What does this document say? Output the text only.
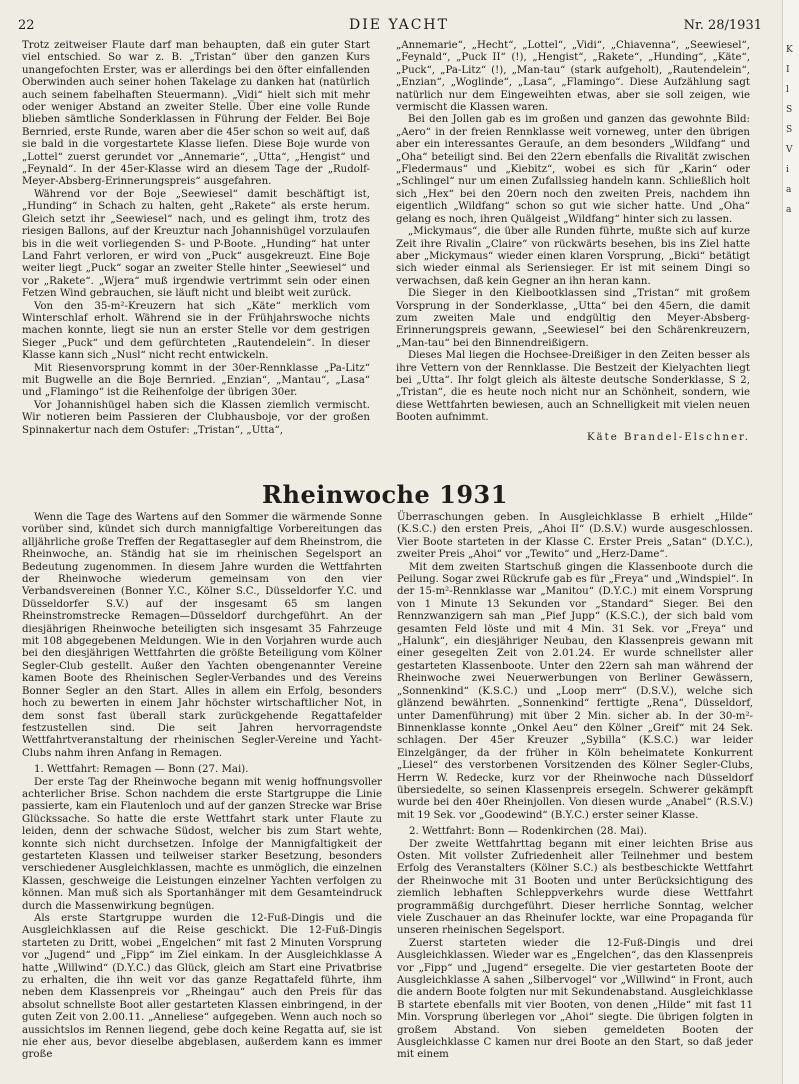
22	DIE YACHT	Nr. 28/1931

Trotz zeitweiser Flaute darf man behaupten, daß ein guter Start viel entschied. So war z. B. „Tristan“ über den ganzen Kurs unangefochten Erster, was er allerdings bei den öfter einfallenden Oberwinden auch seiner hohen Takelage zu danken hat (natürlich auch seinem fabelhaften Steuermann). „Vidi“ hielt sich mit mehr oder weniger Abstand an zweiter Stelle. Über eine volle Runde blieben sämtliche Sonderklassen in Führung der Felder. Bei Boje Bernried, erste Runde, waren aber die 45er schon so weit auf, daß sie bald in die vorgestartete Klasse liefen. Diese Boje wurde von „Lottel“ zuerst gerundet vor „Annemarie“, „Utta“, „Hengist“ und „Feynald“. In der 45er-Klasse wird an diesem Tage der „Rudolf-Meyer-Absberg-Erinnerungspreis“ ausgefahren.

Während vor der Boje „Seewiesel“ damit beschäftigt ist, „Hunding“ in Schach zu halten, geht „Rakete“ als erste herum. Gleich setzt ihr „Seewiesel“ nach, und es gelingt ihm, trotz des riesigen Ballons, auf der Kreuztur nach Johannishügel vorzulaufen bis in die weit vorliegenden S- und P-Boote. „Hunding“ hat unter Land Fahrt verloren, er wird von „Puck“ ausgekreuzt. Eine Boje weiter liegt „Puck“ sogar an zweiter Stelle hinter „Seewiesel“ und vor „Rakete“. „Wjera“ muß irgendwie vertrimmt sein oder einen Fetzen Wind gebrauchen, sie läuft nicht und bleibt weit zurück.

Von den 35-m²-Kreuzern hat sich „Käte“ merklich vom Winterschlaf erholt. Während sie in der Frühjahrswoche nichts machen konnte, liegt sie nun an erster Stelle vor dem gestrigen Sieger „Puck“ und dem gefürchteten „Rautendelein“. In dieser Klasse kann sich „Nusl“ nicht recht entwickeln.

Mit Riesenvorsprung kommt in der 30er-Rennklasse „Pa-Litz“ mit Bugwelle an die Boje Bernried. „Enzian“, „Mantau“, „Lasa“ und „Flamingo“ ist die Reihenfolge der übrigen 30er.

Vor Johannishügel haben sich die Klassen ziemlich vermischt. Wir notieren beim Passieren der Clubhausboje, vor der großen Spinnakertur nach dem Ostufer: „Tristan“, „Utta“,

„Annemarie“, „Hecht“, „Lottel“, „Vidi“, „Chiavenna“, „Seewiesel“, „Feynald“, „Puck II“ (!), „Hengist“, „Rakete“, „Hunding“, „Käte“, „Puck“, „Pa-Litz“ (!), „Man-tau“ (stark aufgeholt), „Rautendelein“, „Enzian“, „Woglinde“, „Lasa“, „Flamingo“. Diese Aufzählung sagt natürlich nur dem Eingeweihten etwas, aber sie soll zeigen, wie vermischt die Klassen waren.

Bei den Jollen gab es im großen und ganzen das gewohnte Bild: „Aero“ in der freien Rennklasse weit vorneweg, unter den übrigen aber ein interessantes Gerauſe, an dem besonders „Wildfang“ und „Oha“ beteiligt sind. Bei den 22ern ebenfalls die Rivalität zwischen „Fledermaus“ und „Kiebitz“, wobei es sich für „Karin“ oder „Schlingel“ nur um einen Zufallssieg handeln kann. Schließlich holt sich „Hex“ bei den 20ern noch den zweiten Preis, nachdem ihn eigentlich „Wildfang“ schon so gut wie sicher hatte. Und „Oha“ gelang es noch, ihren Quälgeist „Wildfang“ hinter sich zu lassen.

„Mickymaus“, die über alle Runden führte, mußte sich auf kurze Zeit ihre Rivalin „Claire“ von rückwärts besehen, bis ins Ziel hatte aber „Mickymaus“ wieder einen klaren Vorsprung, „Bicki“ betätigt sich wieder einmal als Seriensieger. Er ist mit seinem Dingi so verwachsen, daß kein Gegner an ihn heran kann.

Die Sieger in den Kielbootklassen sind „Tristan“ mit großem Vorsprung in der Sonderklasse, „Utta“ bei den 45ern, die damit zum zweiten Male und endgültig den Meyer-Absberg-Erinnerungspreis gewann, „Seewiesel“ bei den Schärenkreuzern, „Man-tau“ bei den Binnendreißigern.

Dieses Mal liegen die Hochsee-Dreißiger in den Zeiten besser als ihre Vettern von der Rennklasse. Die Bestzeit der Kielyachten liegt bei „Utta“. Ihr folgt gleich als älteste deutsche Sonderklasse, S 2, „Tristan“, die es heute noch nicht nur an Schönheit, sondern, wie diese Wettfahrten bewiesen, auch an Schnelligkeit mit vielen neuen Booten aufnimmt.

Käte Brandel-Elschner.
Rheinwoche 1931

Wenn die Tage des Wartens auf den Sommer die wärmende Sonne vorüber sind, kündet sich durch mannigfaltige Vorbereitungen das alljährliche große Treffen der Regattasegler auf dem Rheinstrom, die Rheinwoche, an. Ständig hat sie im rheinischen Segelsport an Bedeutung zugenommen. In diesem Jahre wurden die Wettfahrten der Rheinwoche wiederum gemeinsam von den vier Verbandsvereinen (Bonner Y.C., Kölner S.C., Düsseldorfer Y.C. und Düsseldorfer S.V.) auf der insgesamt 65 sm langen Rheinstromstrecke Remagen—Düsseldorf durchgeführt. An der diesjährigen Rheinwoche beteiligten sich insgesamt 35 Fahrzeuge mit 108 abgegebenen Meldungen. Wie in den Vorjahren wurde auch bei den diesjährigen Wettfahrten die größte Beteiligung vom Kölner Segler-Club gestellt. Außer den Yachten obengenannter Vereine kamen Boote des Rheinischen Segler-Verbandes und des Vereins Bonner Segler an den Start. Alles in allem ein Erfolg, besonders hoch zu bewerten in einem Jahr höchster wirtschaftlicher Not, in dem sonst fast überall stark zurückgehende Regattafelder festzustellen sind. Die seit Jahren hervorragendste Wettfahrtveranstaltung der rheinischen Segler-Vereine und Yacht-Clubs nahm ihren Anfang in Remagen.

1. Wettfahrt: Remagen — Bonn (27. Mai).

Der erste Tag der Rheinwoche begann mit wenig hoffnungsvoller achterlicher Brise. Schon nachdem die erste Startgruppe die Linie passierte, kam ein Flautenloch und auf der ganzen Strecke war Brise Glückssache. So hatte die erste Wettfahrt stark unter Flaute zu leiden, denn der schwache Südost, welcher bis zum Start wehte, konnte sich nicht durchsetzen. Infolge der Mannigfaltigkeit der gestarteten Klassen und teilweiser starker Besetzung, besonders verschiedener Ausgleichklassen, machte es unmöglich, die einzelnen Klassen, geschweige die Leistungen einzelner Yachten verfolgen zu können. Man muß sich als Sportanhänger mit dem Gesamteindruck durch die Massenwirkung begnügen.

Als erste Startgruppe wurden die 12-Fuß-Dingis und die Ausgleichklassen auf die Reise geschickt. Die 12-Fuß-Dingis starteten zu Dritt, wobei „Engelchen“ mit fast 2 Minuten Vorsprung vor „Jugend“ und „Fipp“ im Ziel einkam. In der Ausgleichklasse A hatte „Willwind“ (D.Y.C.) das Glück, gleich am Start eine Privatbrise zu erhalten, die ihn weit vor das ganze Regattafeld führte, ihm neben dem Klassenpreis vor „Rheingau“ auch den Preis für das absolut schnellste Boot aller gestarteten Klassen einbringend, in der guten Zeit von 2.00.11. „Anneliese“ aufgegeben. Wenn auch noch so aussichtslos im Rennen liegend, gebe doch keine Regatta auf, sie ist nie eher aus, bevor dieselbe abgeblasen, außerdem kann es immer große

Überraschungen geben. In Ausgleichklasse B erhielt „Hilde“ (K.S.C.) den ersten Preis, „Ahoi II“ (D.S.V.) wurde ausgeschlossen. Vier Boote starteten in der Klasse C. Erster Preis „Satan“ (D.Y.C.), zweiter Preis „Ahoi“ vor „Tewito“ und „Herz-Dame“.

Mit dem zweiten Startschuß gingen die Klassenboote durch die Peilung. Sogar zwei Rückrufe gab es für „Freya“ und „Windspiel“. In der 15-m²-Rennklasse war „Manitou“ (D.Y.C.) mit einem Vorsprung von 1 Minute 13 Sekunden vor „Standard“ Sieger. Bei den Rennzwanzigern sah man „Pief Jupp“ (K.S.C.), der sich bald vom gesamten Feld löste und mit 4 Min. 31 Sek. vor „Freya“ und „Halunk“, ein diesjähriger Neubau, den Klassenpreis gewann mit einer gesegelten Zeit von 2.01.24. Er wurde schnellster aller gestarteten Klassenboote. Unter den 22ern sah man während der Rheinwoche zwei Neuerwerbungen von Berliner Gewässern, „Sonnenkind“ (K.S.C.) und „Loop merr“ (D.S.V.), welche sich glänzend bewährten. „Sonnenkind“ ferttigte „Rena“, Düsseldorf, unter Damenführung) mit über 2 Min. sicher ab. In der 30-m²-Binnenklasse konnte „Onkel Aeu“ den Kölner „Greif“ mit 24 Sek. schlagen. Der 45er Kreuzer „Sybilla“ (K.S.C.) war leider Einzelgänger, da der früher in Köln beheimatete Konkurrent „Liesel“ des verstorbenen Vorsitzenden des Kölner Segler-Clubs, Herrn W. Redecke, kurz vor der Rheinwoche nach Düsseldorf übersiedelte, so seinen Klassenpreis ersegeln. Schwerer gekämpft wurde bei den 40er Rheinjollen. Von diesen wurde „Anabel“ (R.S.V.) mit 19 Sek. vor „Goodewind“ (B.Y.C.) erster seiner Klasse.

2. Wettfahrt: Bonn — Rodenkirchen (28. Mai).

Der zweite Wettfahrttag begann mit einer leichten Brise aus Osten. Mit vollster Zufriedenheit aller Teilnehmer und bestem Erfolg des Veranstalters (Kölner S.C.) als bestbeschickte Wettfahrt der Rheinwoche mit 31 Booten und unter Berücksichtigung des ziemlich lebhaften Schleppverkehrs wurde diese Wettfahrt programmäßig durchgeführt. Dieser herrliche Sonntag, welcher viele Zuschauer an das Rheinufer lockte, war eine Propaganda für unseren rheinischen Segelsport.

Zuerst starteten wieder die 12-Fuß-Dingis und drei Ausgleichklassen. Wieder war es „Engelchen“, das den Klassenpreis vor „Fipp“ und „Jugend“ ersegelte. Die vier gestarteten Boote der Ausgleichklasse A sahen „Silbervogel“ vor „Willwind“ in Front, auch die andern Boote folgten nur mit Sekundenabstand. Ausgleichklasse B startete ebenfalls mit vier Booten, von denen „Hilde“ mit fast 11 Min. Vorsprung überlegen vor „Ahoi“ siegte. Die übrigen folgten in großem Abstand. Von sieben gemeldeten Booten der Ausgleichklasse C kamen nur drei Boote an den Start, so daß jeder mit einem

K
I
l
S
S
V
i
a
a
